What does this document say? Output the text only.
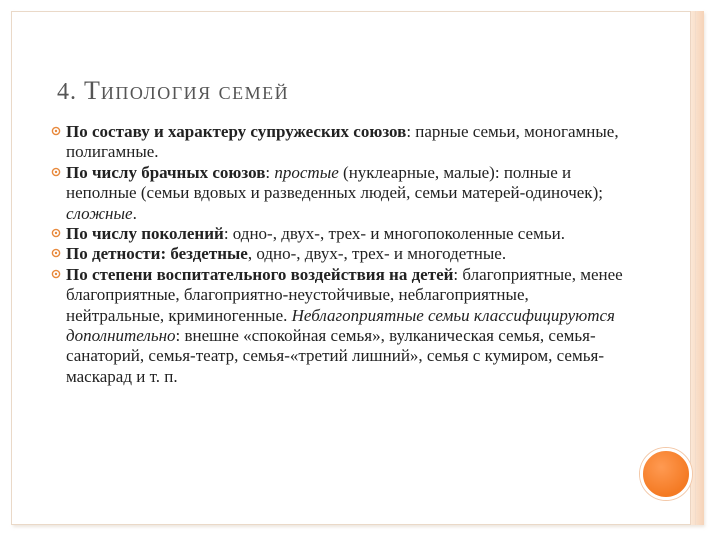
4. ТИПОЛОГИЯ СЕМЕЙ
По составу и характеру супружеских союзов: парные семьи, моногамные, полигамные.
По числу брачных союзов: простые (нуклеарные, малые): полные и неполные (семьи вдовых и разведенных людей, семьи матерей-одиночек); сложные.
По числу поколений: одно-, двух-, трех- и многопоколенные семьи.
По детности: бездетные, одно-, двух-, трех- и многодетные.
По степени воспитательного воздействия на детей: благоприятные, менее благоприятные, благоприятно-неустойчивые, неблагоприятные, нейтральные, криминогенные. Неблагоприятные семьи классифицируются дополнительно: внешне «спокойная семья», вулканическая семья, семья-санаторий, семья-театр, семья-«третий лишний», семья с кумиром, семья-маскарад и т. п.
